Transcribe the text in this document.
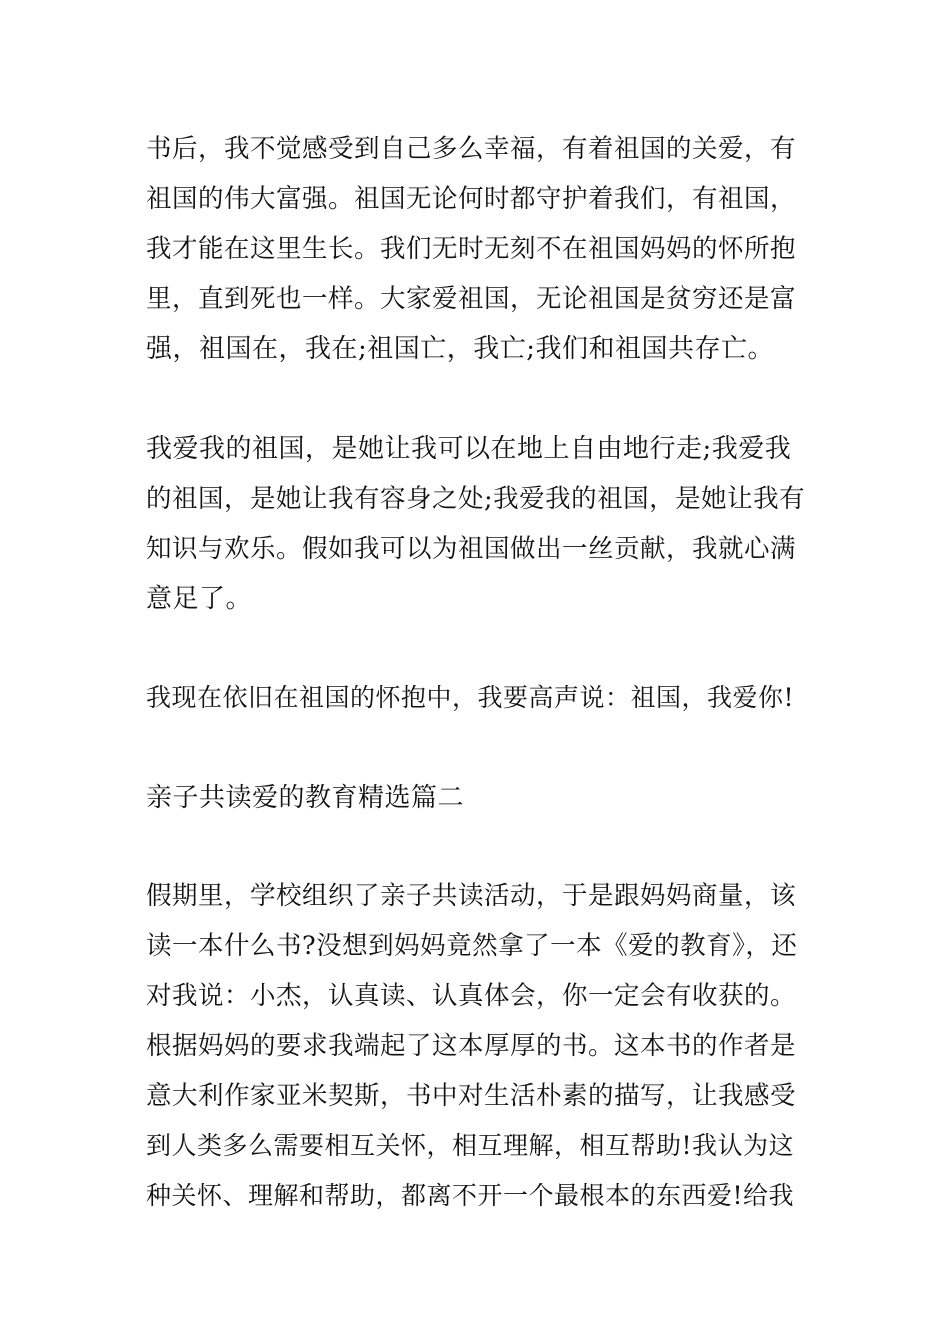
书后，我不觉感受到自己多么幸福，有着祖国的关爱，有
祖国的伟大富强。祖国无论何时都守护着我们，有祖国，
我才能在这里生长。我们无时无刻不在祖国妈妈的怀所抱
里，直到死也一样。大家爱祖国，无论祖国是贫穷还是富
强，祖国在，我在;祖国亡，我亡;我们和祖国共存亡。
我爱我的祖国，是她让我可以在地上自由地行走;我爱我
的祖国，是她让我有容身之处;我爱我的祖国，是她让我有
知识与欢乐。假如我可以为祖国做出一丝贡献，我就心满
意足了。
我现在依旧在祖国的怀抱中，我要高声说：祖国，我爱你!
亲子共读爱的教育精选篇二
假期里，学校组织了亲子共读活动，于是跟妈妈商量，该
读一本什么书?没想到妈妈竟然拿了一本《爱的教育》，还
对我说：小杰，认真读、认真体会，你一定会有收获的。
根据妈妈的要求我端起了这本厚厚的书。这本书的作者是
意大利作家亚米契斯，书中对生活朴素的描写，让我感受
到人类多么需要相互关怀，相互理解，相互帮助!我认为这
种关怀、理解和帮助，都离不开一个最根本的东西爱!给我
